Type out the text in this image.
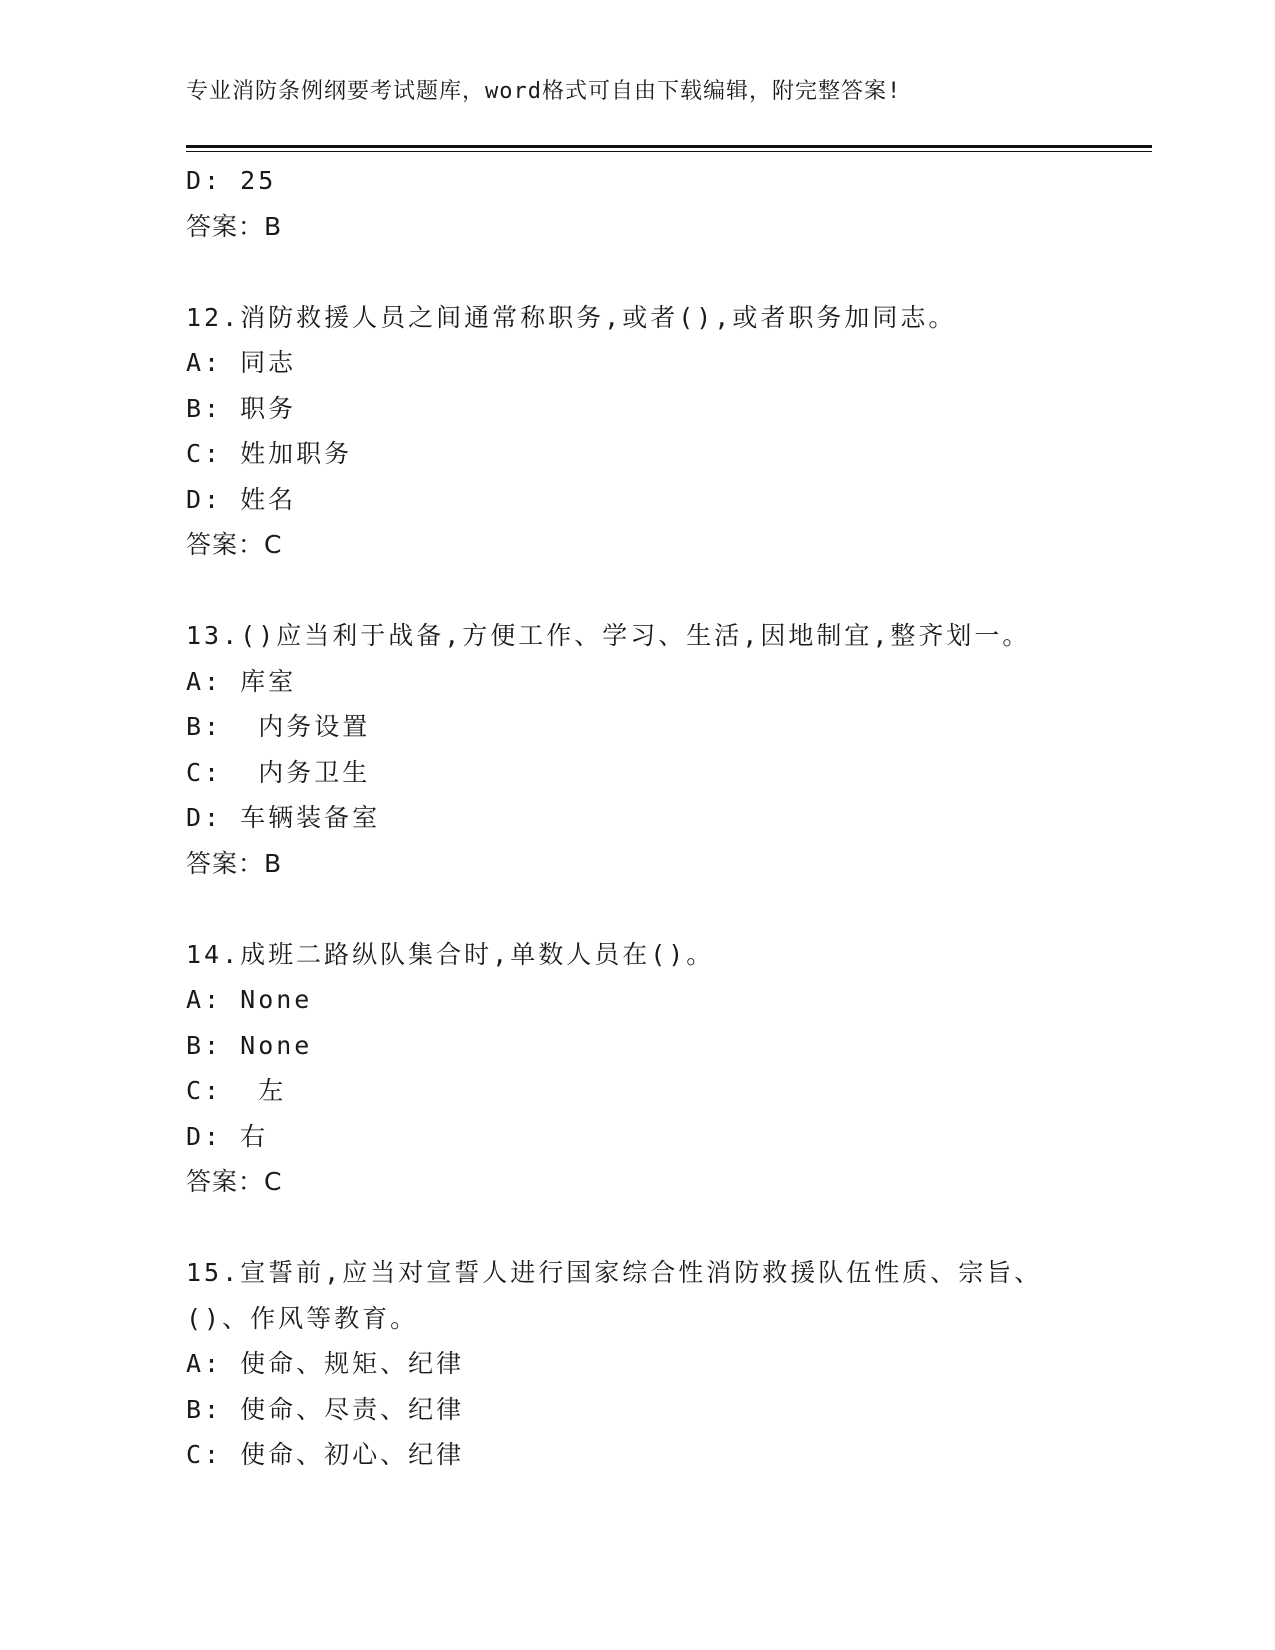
专业消防条例纲要考试题库，word格式可自由下载编辑，附完整答案!
D: 25
答案：B
12.消防救援人员之间通常称职务,或者(),或者职务加同志。
A: 同志
B: 职务
C: 姓加职务
D: 姓名
答案：C
13.()应当利于战备,方便工作、学习、生活,因地制宜,整齐划一。
A: 库室
B:  内务设置
C:  内务卫生
D: 车辆装备室
答案：B
14.成班二路纵队集合时,单数人员在()。
A: None
B: None
C:  左
D: 右
答案：C
15.宣誓前,应当对宣誓人进行国家综合性消防救援队伍性质、宗旨、
()、作风等教育。
A: 使命、规矩、纪律
B: 使命、尽责、纪律
C: 使命、初心、纪律
